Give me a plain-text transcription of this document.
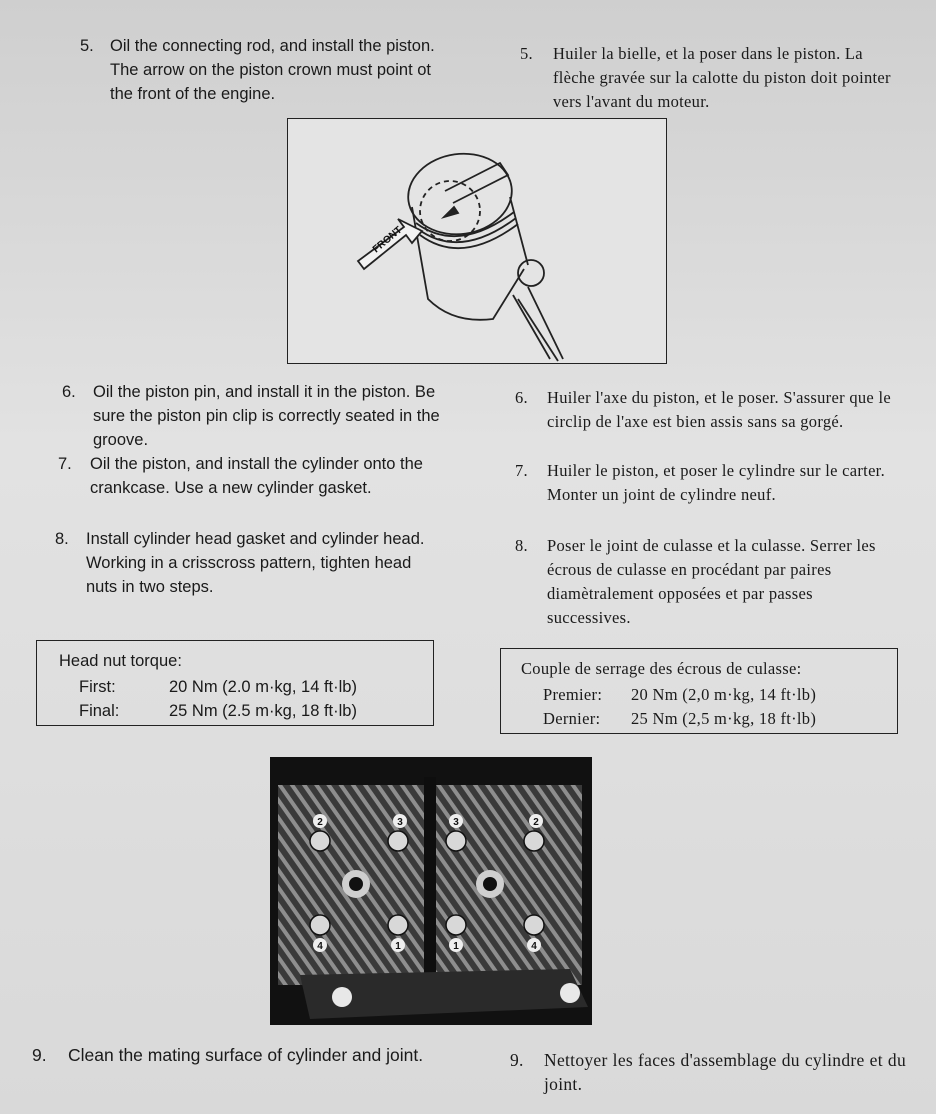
5. Oil the connecting rod, and install the piston. The arrow on the piston crown must point ot the front of the engine.
5. Huiler la bielle, et la poser dans le piston. La flèche gravée sur la calotte du piston doit pointer vers l'avant du moteur.
FRONT
6. Oil the piston pin, and install it in the piston. Be sure the piston pin clip is correctly seated in the groove.
7. Oil the piston, and install the cylinder onto the crankcase. Use a new cylinder gasket.
8. Install cylinder head gasket and cylinder head. Working in a crisscross pattern, tighten head nuts in two steps.
6. Huiler l'axe du piston, et le poser. S'assurer que le circlip de l'axe est bien assis sans sa gorgé.
7. Huiler le piston, et poser le cylindre sur le carter. Monter un joint de cylindre neuf.
8. Poser le joint de culasse et la culasse. Serrer les écrous de culasse en procédant par paires diamètralement opposées et par passes successives.
Head nut torque:
First:	20 Nm (2.0 m·kg, 14 ft·lb)
Final:	25 Nm (2.5 m·kg, 18 ft·lb)
Couple de serrage des écrous de culasse:
Premier: 20 Nm (2,0 m·kg, 14 ft·lb)
Dernier: 25 Nm (2,5 m·kg, 18 ft·lb)
2	3	3	2
4	1	1	4
9. Clean the mating surface of cylinder and joint.	9. Nettoyer les faces d'assemblage du cylindre et du joint.
